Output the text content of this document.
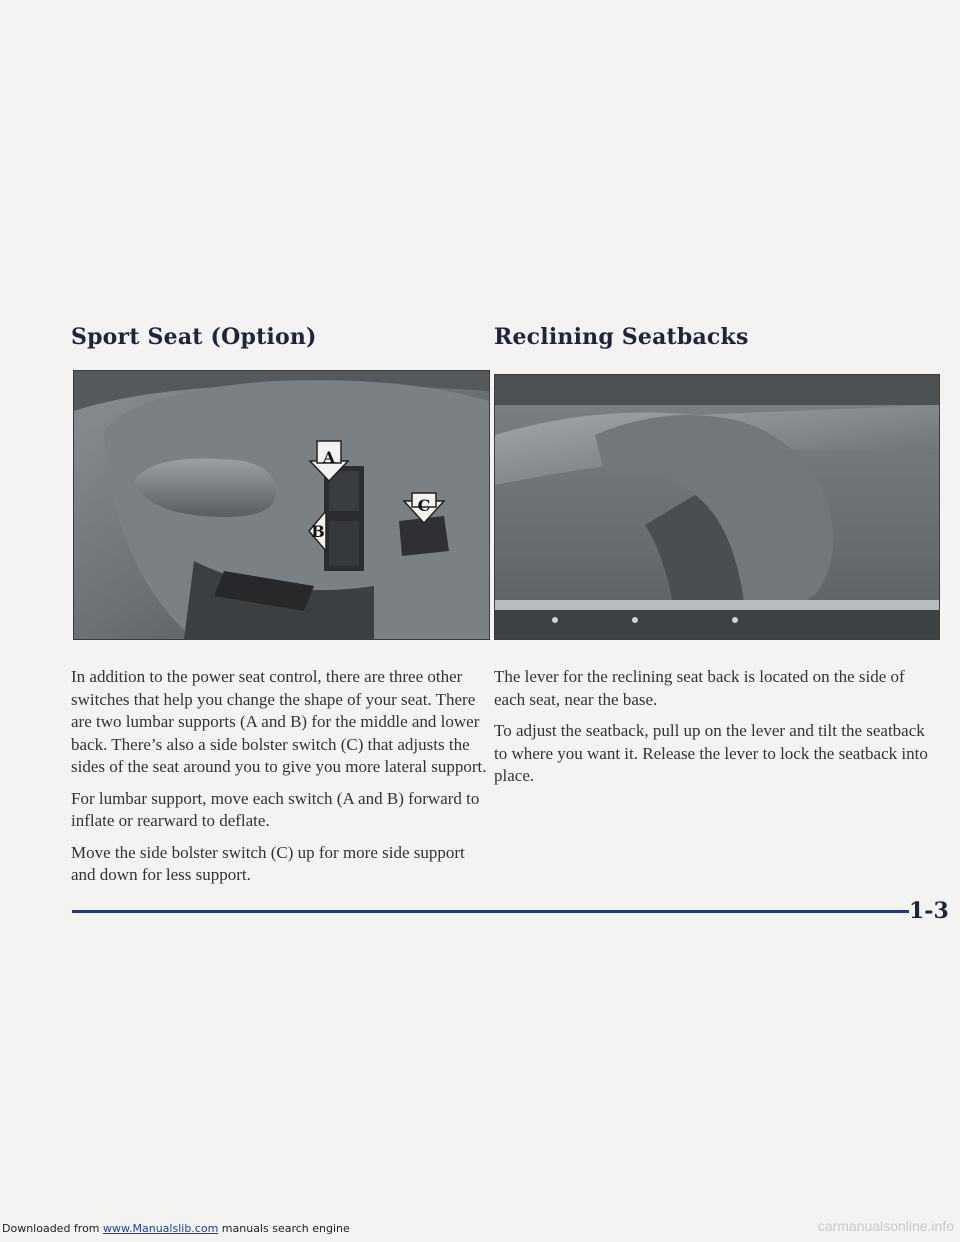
Sport Seat (Option)	Reclining Seatbacks
A
B
C

In addition to the power seat control, there are three other switches that help you change the shape of your seat. There are two lumbar supports (A and B) for the middle and lower back. There’s also a side bolster switch (C) that adjusts the sides of the seat around you to give you more lateral support.

For lumbar support, move each switch (A and B) forward to inflate or rearward to deflate.

Move the side bolster switch (C) up for more side support and down for less support.

The lever for the reclining seat back is located on the side of each seat, near the base.

To adjust the seatback, pull up on the lever and tilt the seatback to where you want it. Release the lever to lock the seatback into place.

1-3
Downloaded from www.Manualslib.com manuals search engine	carmanualsonline.info
